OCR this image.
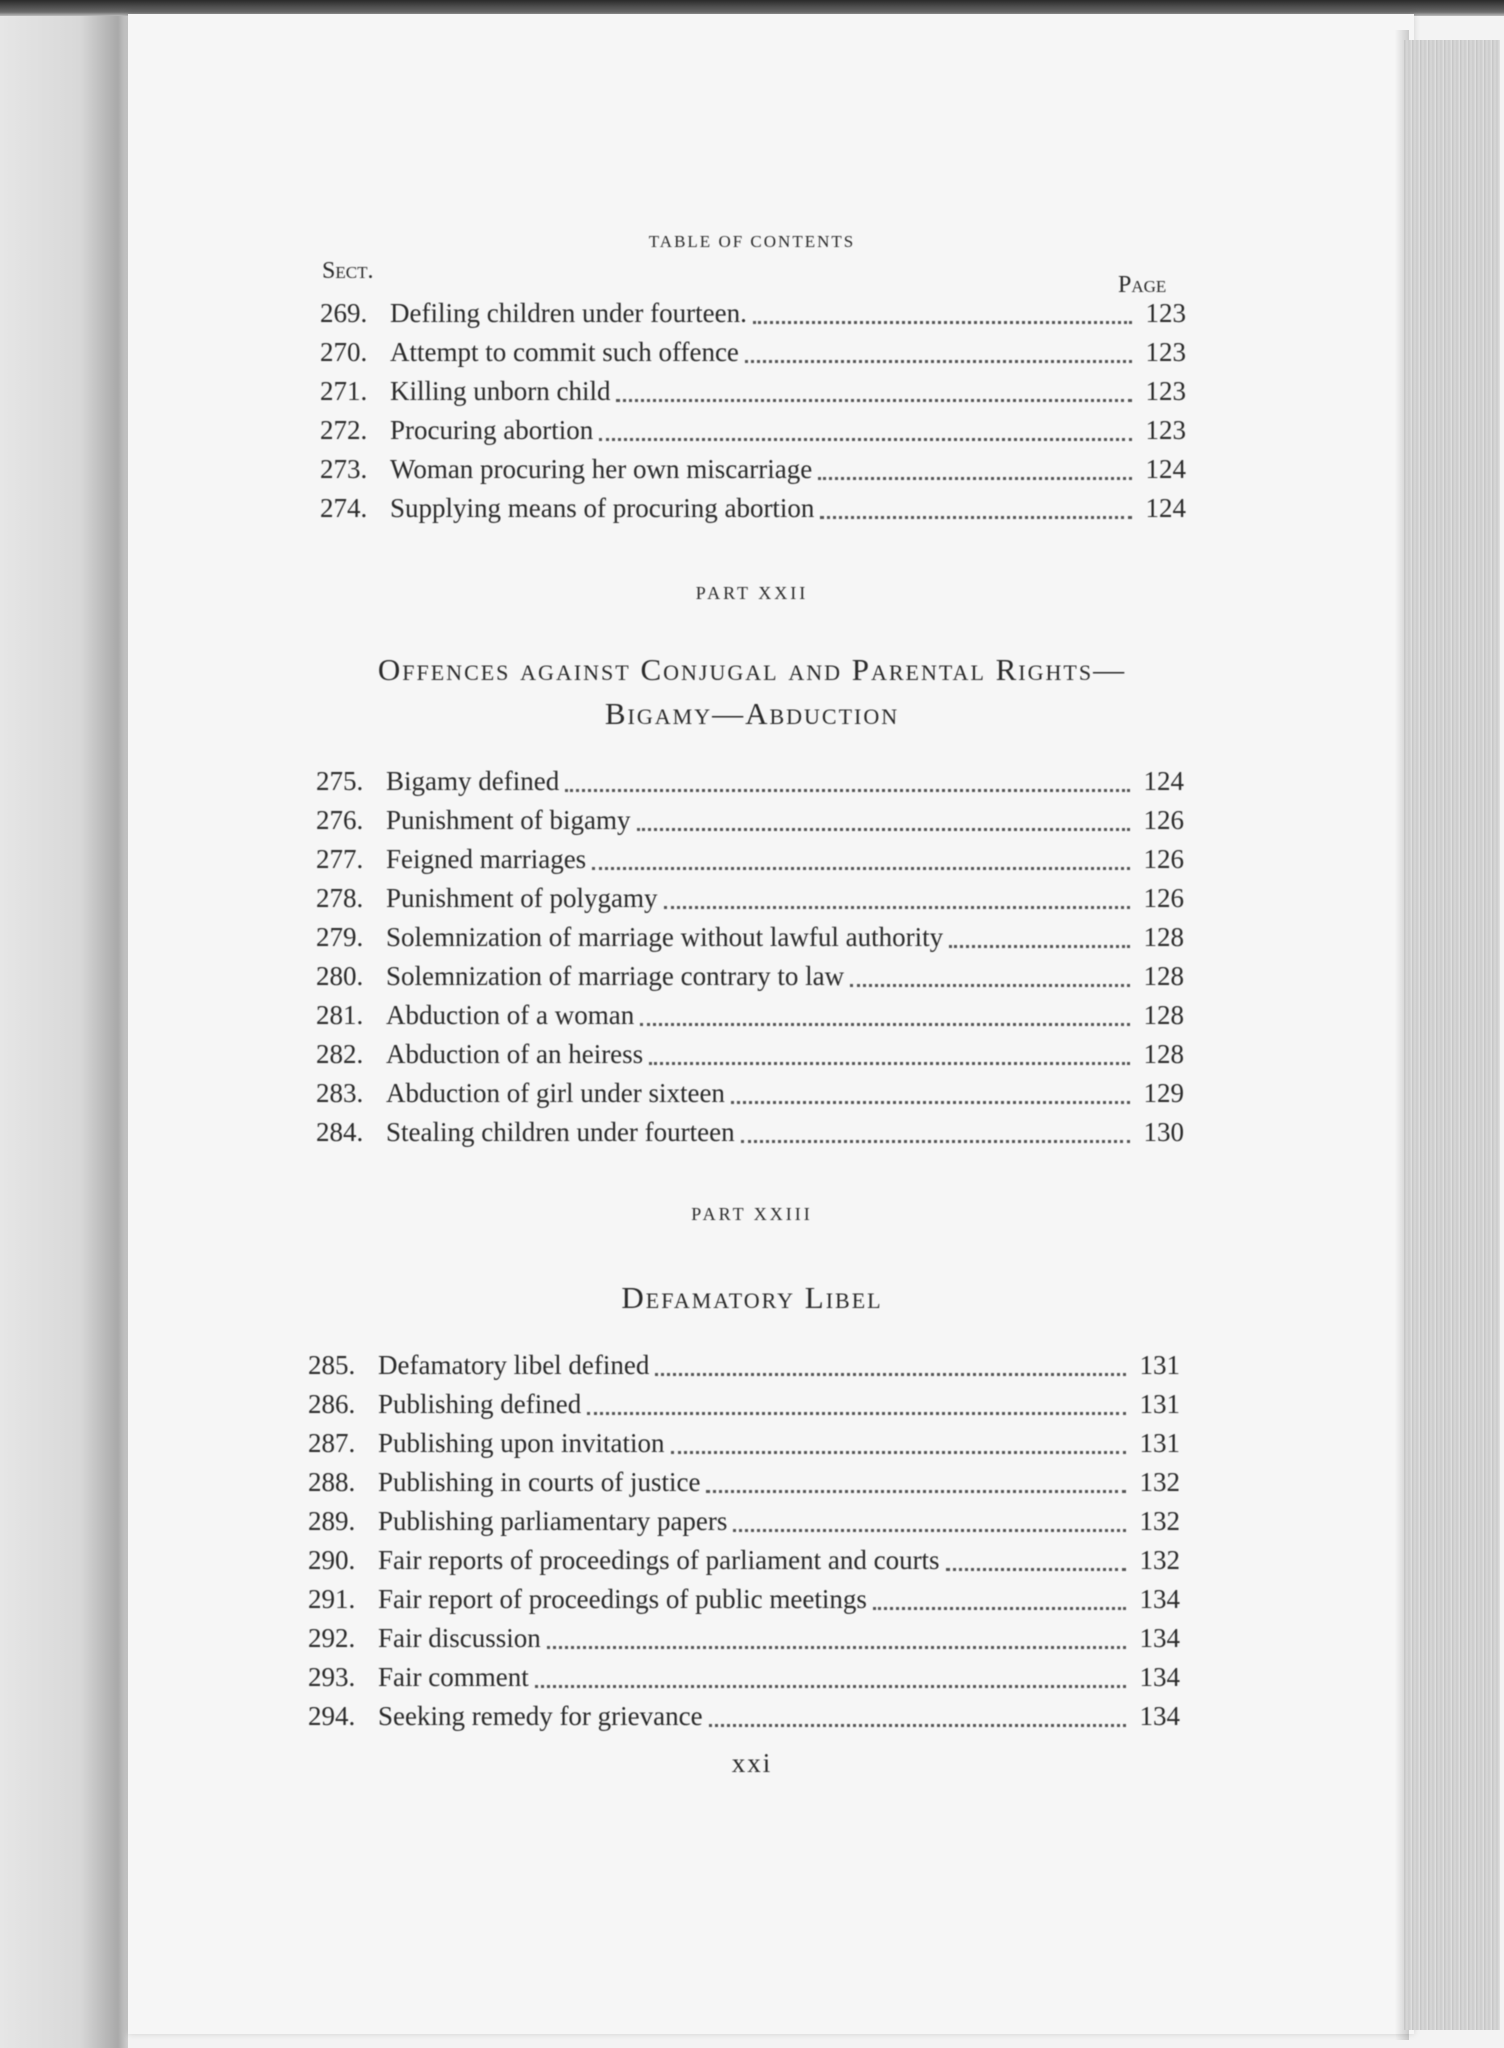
TABLE OF CONTENTS
Sect.
Page
269. Defiling children under fourteen.	123
270. Attempt to commit such offence	123
271. Killing unborn child	123
272. Procuring abortion	123
273. Woman procuring her own miscarriage	124
274. Supplying means of procuring abortion	124
PART XXII
Offences against Conjugal and Parental Rights—
Bigamy—Abduction
275. Bigamy defined	124
276. Punishment of bigamy	126
277. Feigned marriages	126
278. Punishment of polygamy	126
279. Solemnization of marriage without lawful authority	128
280. Solemnization of marriage contrary to law	128
281. Abduction of a woman	128
282. Abduction of an heiress	128
283. Abduction of girl under sixteen	129
284. Stealing children under fourteen	130
PART XXIII
Defamatory Libel
285. Defamatory libel defined	131
286. Publishing defined	131
287. Publishing upon invitation	131
288. Publishing in courts of justice	132
289. Publishing parliamentary papers	132
290. Fair reports of proceedings of parliament and courts	132
291. Fair report of proceedings of public meetings	134
292. Fair discussion	134
293. Fair comment	134
294. Seeking remedy for grievance	134
xxi
